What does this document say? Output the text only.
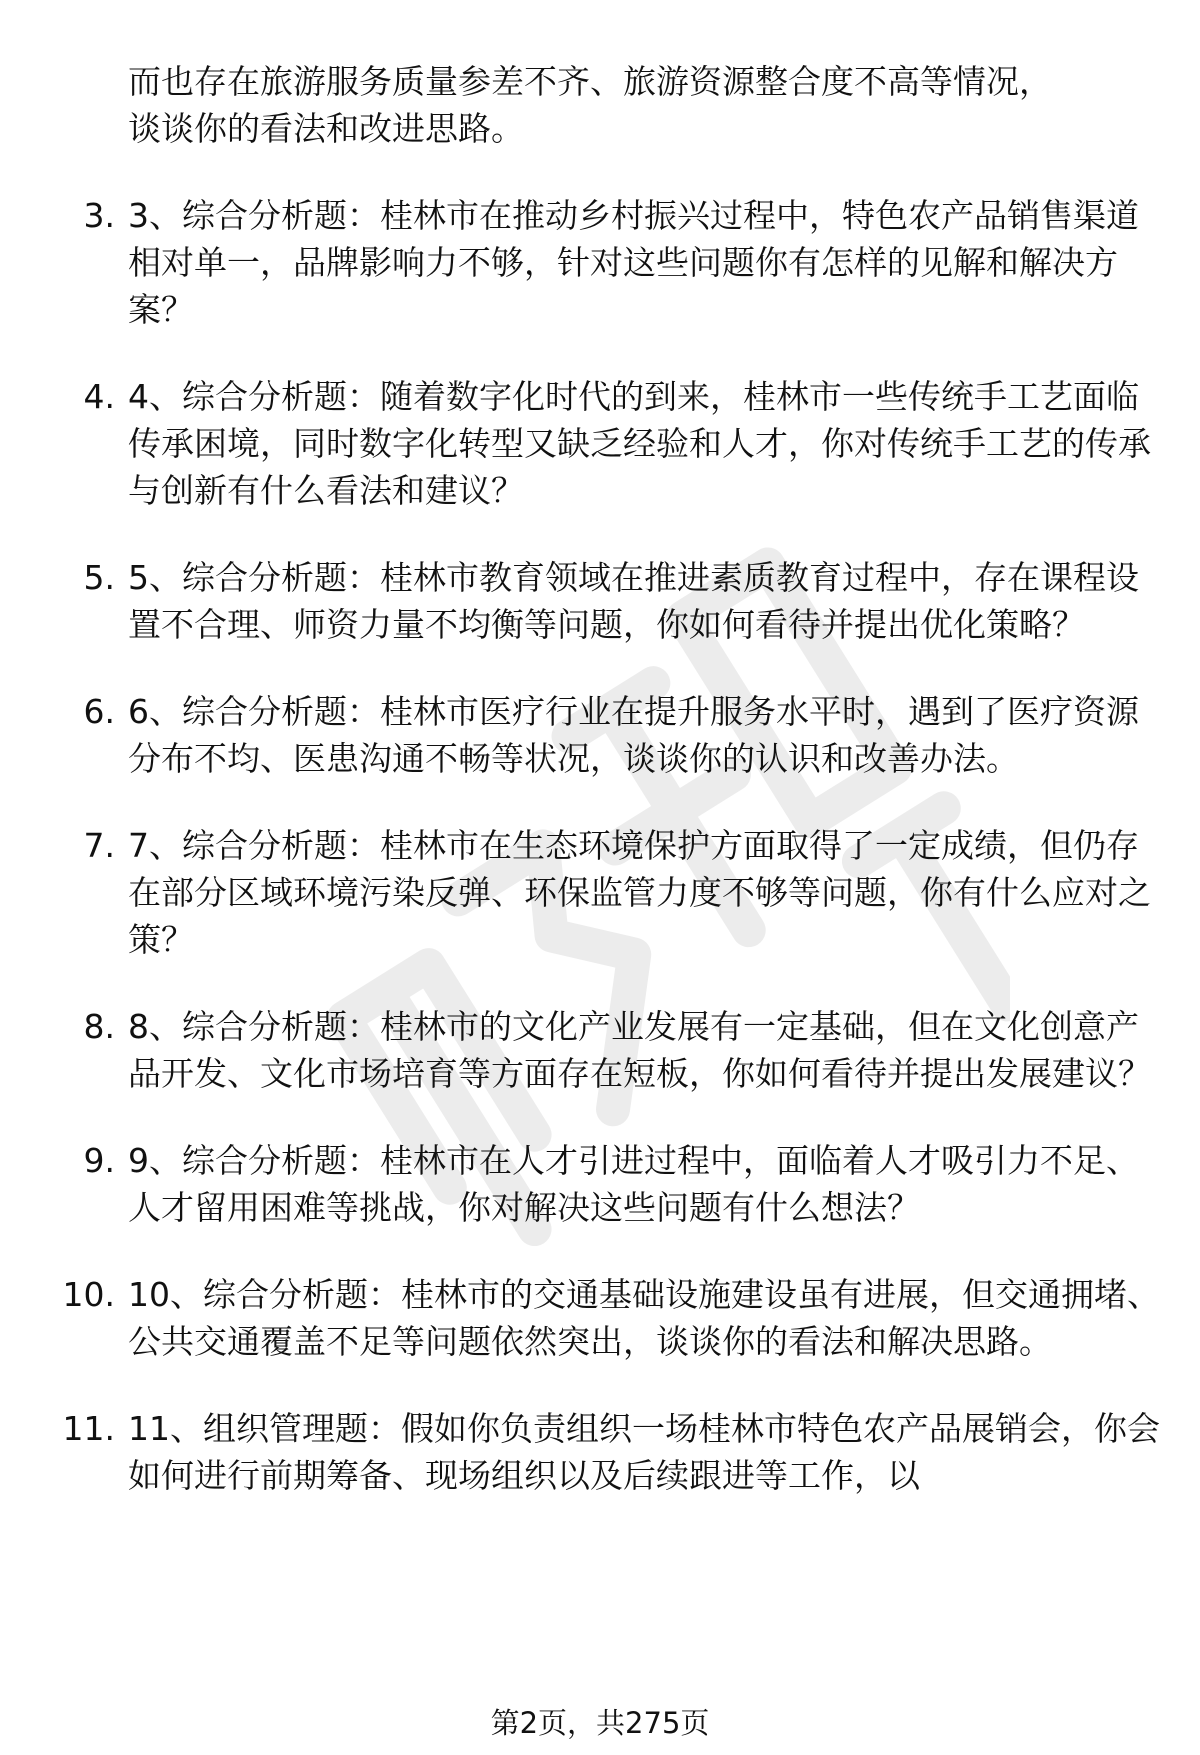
而也存在旅游服务质量参差不齐、旅游资源整合度不高等情况，

谈谈你的看法和改进思路。

3. 3、综合分析题：桂林市在推动乡村振兴过程中，特色农产品销售渠道相对单一，品牌影响力不够，针对这些问题你有怎样的见解和解决方案？
4. 4、综合分析题：随着数字化时代的到来，桂林市一些传统手工艺面临传承困境，同时数字化转型又缺乏经验和人才，你对传统手工艺的传承与创新有什么看法和建议？
5. 5、综合分析题：桂林市教育领域在推进素质教育过程中，存在课程设置不合理、师资力量不均衡等问题，你如何看待并提出优化策略？
6. 6、综合分析题：桂林市医疗行业在提升服务水平时，遇到了医疗资源分布不均、医患沟通不畅等状况，谈谈你的认识和改善办法。
7. 7、综合分析题：桂林市在生态环境保护方面取得了一定成绩，但仍存在部分区域环境污染反弹、环保监管力度不够等问题，你有什么应对之策？
8. 8、综合分析题：桂林市的文化产业发展有一定基础，但在文化创意产品开发、文化市场培育等方面存在短板，你如何看待并提出发展建议？
9. 9、综合分析题：桂林市在人才引进过程中，面临着人才吸引力不足、人才留用困难等挑战，你对解决这些问题有什么想法？
10. 10、综合分析题：桂林市的交通基础设施建设虽有进展，但交通拥堵、公共交通覆盖不足等问题依然突出，谈谈你的看法和解决思路。
11. 11、组织管理题：假如你负责组织一场桂林市特色农产品展销会，你会如何进行前期筹备、现场组织以及后续跟进等工作，以
第2页，共275页
